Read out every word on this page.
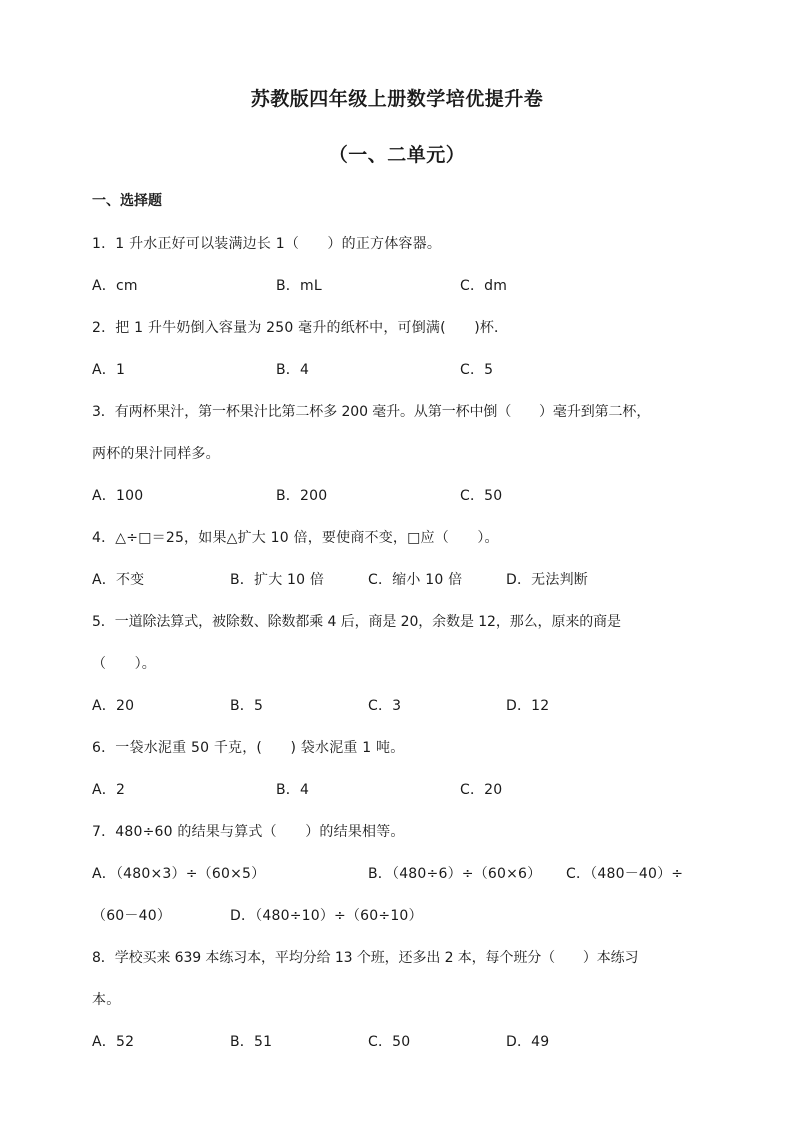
苏教版四年级上册数学培优提升卷
（一、二单元）
一、选择题
1．1 升水正好可以装满边长 1（　　）的正方体容器。
A．cm	B．mL	C．dm
2．把 1 升牛奶倒入容量为 250 毫升的纸杯中，可倒满(　　)杯．
A．1	B．4	C．5
3．有两杯果汁，第一杯果汁比第二杯多 200 毫升。从第一杯中倒（　　）毫升到第二杯，
两杯的果汁同样多。
A．100	B．200	C．50
4．△÷□＝25，如果△扩大 10 倍，要使商不变，□应（　　）。
A．不变	B．扩大 10 倍	C．缩小 10 倍	D．无法判断
5．一道除法算式，被除数、除数都乘 4 后，商是 20，余数是 12，那么，原来的商是
（　　）。
A．20	B．5	C．3	D．12
6．一袋水泥重 50 千克，(　　) 袋水泥重 1 吨。
A．2	B．4	C．20
7．480÷60 的结果与算式（　　）的结果相等。
A．（480×3）÷（60×5）	B．（480÷6）÷（60×6） C．（480－40）÷
（60－40）	D．（480÷10）÷（60÷10）
8．学校买来 639 本练习本，平均分给 13 个班，还多出 2 本，每个班分（　　）本练习
本。
A．52	B．51	C．50	D．49
